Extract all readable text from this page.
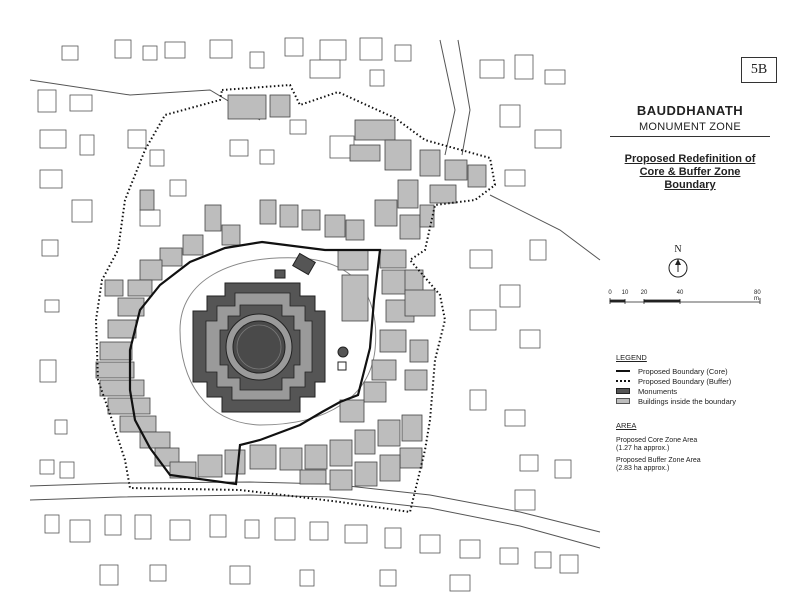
5B
BAUDDHANATH
MONUMENT ZONE
Proposed Redefinition of
Core & Buffer Zone
Boundary
N
0 10 20	40	80 m
LEGEND
Proposed Boundary (Core)
Proposed Boundary (Buffer)
Monuments
Buildings inside the boundary
AREA

Proposed Core Zone Area
(1.27 ha approx.)

Proposed Buffer Zone Area
(2.83 ha approx.)
